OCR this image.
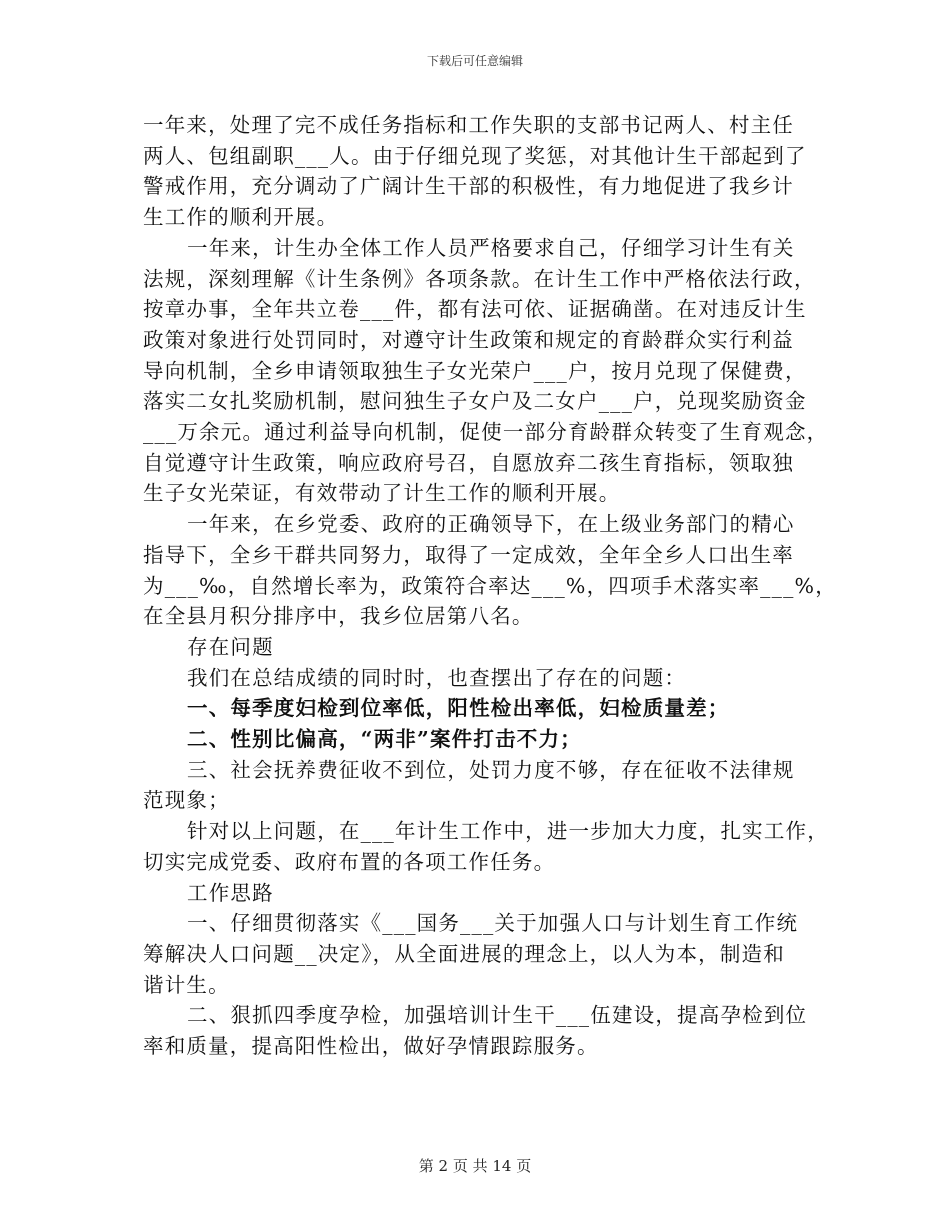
下载后可任意编辑
一年来，处理了完不成任务指标和工作失职的支部书记两人、村主任
两人、包组副职___人。由于仔细兑现了奖惩，对其他计生干部起到了
警戒作用，充分调动了广阔计生干部的积极性，有力地促进了我乡计
生工作的顺利开展。
一年来，计生办全体工作人员严格要求自己，仔细学习计生有关
法规，深刻理解《计生条例》各项条款。在计生工作中严格依法行政，
按章办事，全年共立卷___件，都有法可依、证据确凿。在对违反计生
政策对象进行处罚同时，对遵守计生政策和规定的育龄群众实行利益
导向机制，全乡申请领取独生子女光荣户___户，按月兑现了保健费，
落实二女扎奖励机制，慰问独生子女户及二女户___户，兑现奖励资金
___万余元。通过利益导向机制，促使一部分育龄群众转变了生育观念，
自觉遵守计生政策，响应政府号召，自愿放弃二孩生育指标，领取独
生子女光荣证，有效带动了计生工作的顺利开展。
一年来，在乡党委、政府的正确领导下，在上级业务部门的精心
指导下，全乡干群共同努力，取得了一定成效，全年全乡人口出生率
为___‰，自然增长率为，政策符合率达___%，四项手术落实率___%，
在全县月积分排序中，我乡位居第八名。
存在问题
我们在总结成绩的同时时，也查摆出了存在的问题：
一、每季度妇检到位率低，阳性检出率低，妇检质量差；
二、性别比偏高，“两非”案件打击不力；
三、社会抚养费征收不到位，处罚力度不够，存在征收不法律规
范现象；
针对以上问题，在___年计生工作中，进一步加大力度，扎实工作，
切实完成党委、政府布置的各项工作任务。
工作思路
一、仔细贯彻落实《___国务___关于加强人口与计划生育工作统
筹解决人口问题__决定》，从全面进展的理念上，以人为本，制造和
谐计生。
二、狠抓四季度孕检，加强培训计生干___伍建设，提高孕检到位
率和质量，提高阳性检出，做好孕情跟踪服务。
第 2 页 共 14 页
